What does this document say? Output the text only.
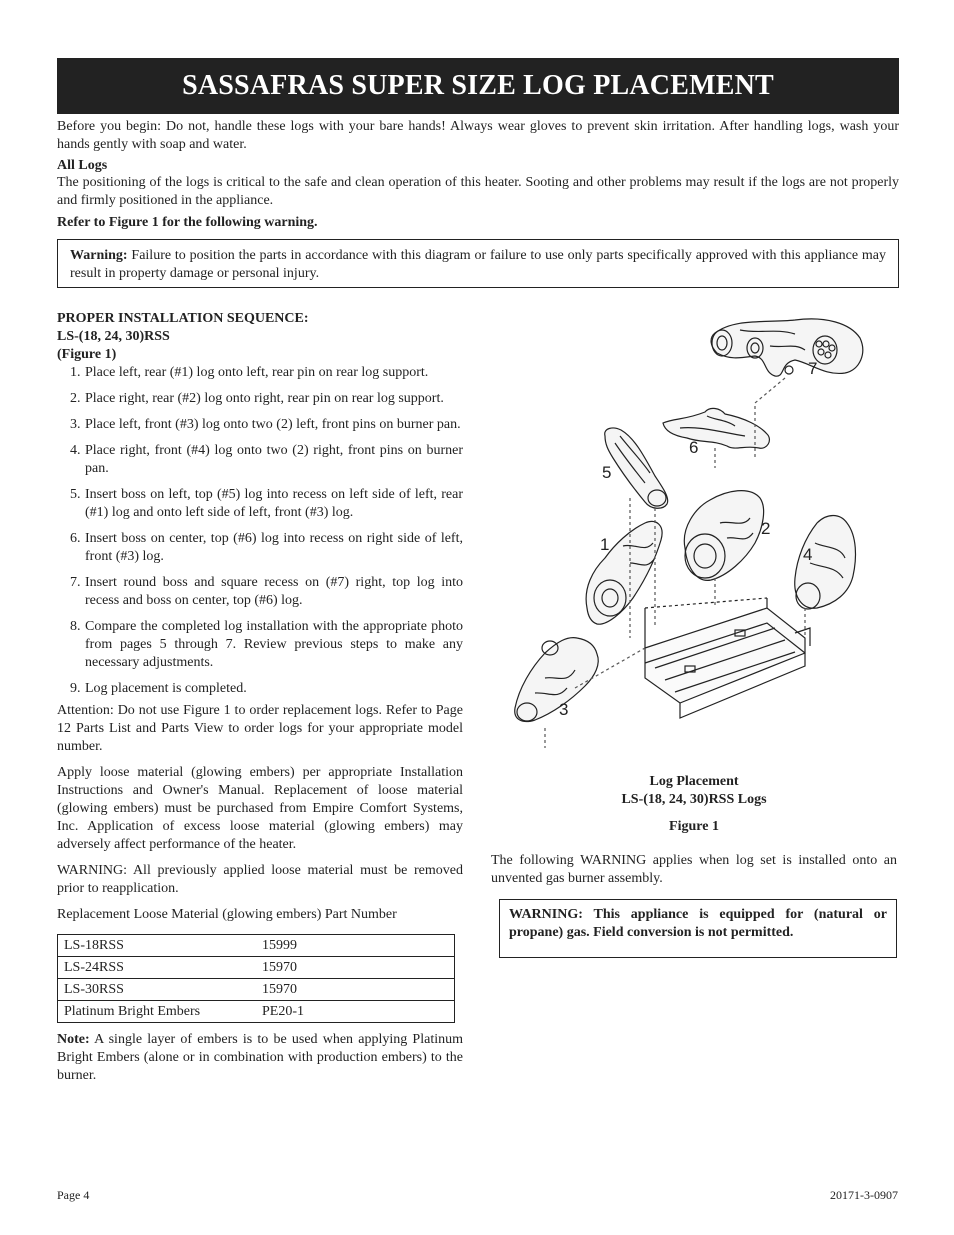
SASSAFRAS SUPER SIZE LOG PLACEMENT
Before you begin: Do not, handle these logs with your bare hands! Always wear gloves to prevent skin irritation. After handling logs, wash your hands gently with soap and water.
All Logs
The positioning of the logs is critical to the safe and clean operation of this heater. Sooting and other problems may result if the logs are not properly and firmly positioned in the appliance.
Refer to Figure 1 for the following warning.
Warning: Failure to position the parts in accordance with this diagram or failure to use only parts specifically approved with this appliance may result in property damage or personal injury.
PROPER INSTALLATION SEQUENCE:
LS-(18, 24, 30)RSS
(Figure 1)
1. Place left, rear (#1) log onto left, rear pin on rear log support.
2. Place right, rear (#2) log onto right, rear pin on rear log support.
3. Place left, front (#3) log onto two (2) left, front pins on burner pan.
4. Place right, front (#4) log onto two (2) right, front pins on burner pan.
5. Insert boss on left, top (#5) log into recess on left side of left, rear (#1) log and onto left side of left, front (#3) log.
6. Insert boss on center, top (#6) log into recess on right side of left, front (#3) log.
7. Insert round boss and square recess on (#7) right, top log into recess and boss on center, top (#6) log.
8. Compare the completed log installation with the appropriate photo from pages 5 through 7. Review previous steps to make any necessary adjustments.
9. Log placement is completed.
Attention: Do not use Figure 1 to order replacement logs. Refer to Page 12 Parts List and Parts View to order logs for your appropriate model number.
Apply loose material (glowing embers) per appropriate Installation Instructions and Owner's Manual. Replacement of loose material (glowing embers) must be purchased from Empire Comfort Systems, Inc. Application of excess loose material (glowing embers) may adversely affect performance of the heater.
WARNING: All previously applied loose material must be removed prior to reapplication.
Replacement Loose Material (glowing embers) Part Number
LS-18RSS	15999
LS-24RSS	15970
LS-30RSS	15970
Platinum Bright Embers	PE20-1
Note: A single layer of embers is to be used when applying Platinum Bright Embers (alone or in combination with production embers) to the burner.
1
2
3
4
5
6
7
Log Placement
LS-(18, 24, 30)RSS Logs
Figure 1
The following WARNING applies when log set is installed onto an unvented gas burner assembly.
WARNING: This appliance is equipped for (natural or propane) gas. Field conversion is not permitted.
Page 4	20171-3-0907
